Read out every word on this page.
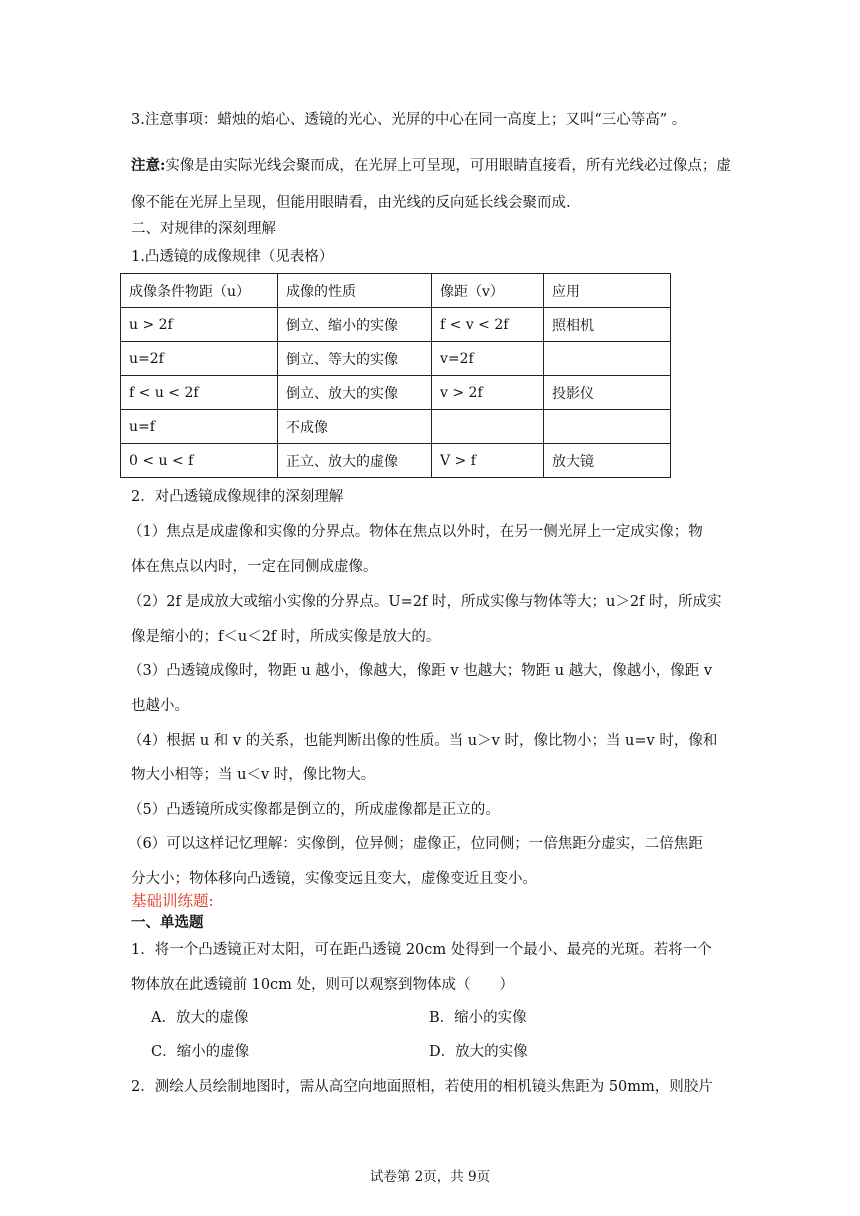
3.注意事项：蜡烛的焰心、透镜的光心、光屏的中心在同一高度上；又叫“三心等高” 。
注意:实像是由实际光线会聚而成，在光屏上可呈现，可用眼睛直接看，所有光线必过像点；虚像不能在光屏上呈现，但能用眼睛看，由光线的反向延长线会聚而成.
二、对规律的深刻理解
1.凸透镜的成像规律（见表格）
成像条件物距（u）	成像的性质	像距（v）	应用
u > 2f	倒立、缩小的实像	f < v < 2f	照相机
u=2f	倒立、等大的实像	v=2f	
f < u < 2f	倒立、放大的实像	v > 2f	投影仪
u=f	不成像		
0 < u < f	正立、放大的虚像	V > f	放大镜
2．对凸透镜成像规律的深刻理解
（1）焦点是成虚像和实像的分界点。物体在焦点以外时，在另一侧光屏上一定成实像；物
体在焦点以内时，一定在同侧成虚像。
（2）2f 是成放大或缩小实像的分界点。U=2f 时，所成实像与物体等大；u＞2f 时，所成实
像是缩小的；f＜u＜2f 时，所成实像是放大的。
（3）凸透镜成像时，物距 u 越小，像越大，像距 v 也越大；物距 u 越大，像越小，像距 v
也越小。
（4）根据 u 和 v 的关系，也能判断出像的性质。当 u＞v 时，像比物小；当 u=v 时，像和
物大小相等；当 u＜v 时，像比物大。
（5）凸透镜所成实像都是倒立的，所成虚像都是正立的。
（6）可以这样记忆理解：实像倒，位异侧；虚像正，位同侧；一倍焦距分虚实，二倍焦距
分大小；物体移向凸透镜，实像变远且变大，虚像变近且变小。
基础训练题:
一、单选题
1．将一个凸透镜正对太阳，可在距凸透镜 20cm 处得到一个最小、最亮的光斑。若将一个
物体放在此透镜前 10cm 处，则可以观察到物体成（　　）
A．放大的虚像	B．缩小的实像
C．缩小的虚像	D．放大的实像
2．测绘人员绘制地图时，需从高空向地面照相，若使用的相机镜头焦距为 50mm，则胶片
试卷第 2页，共 9页
